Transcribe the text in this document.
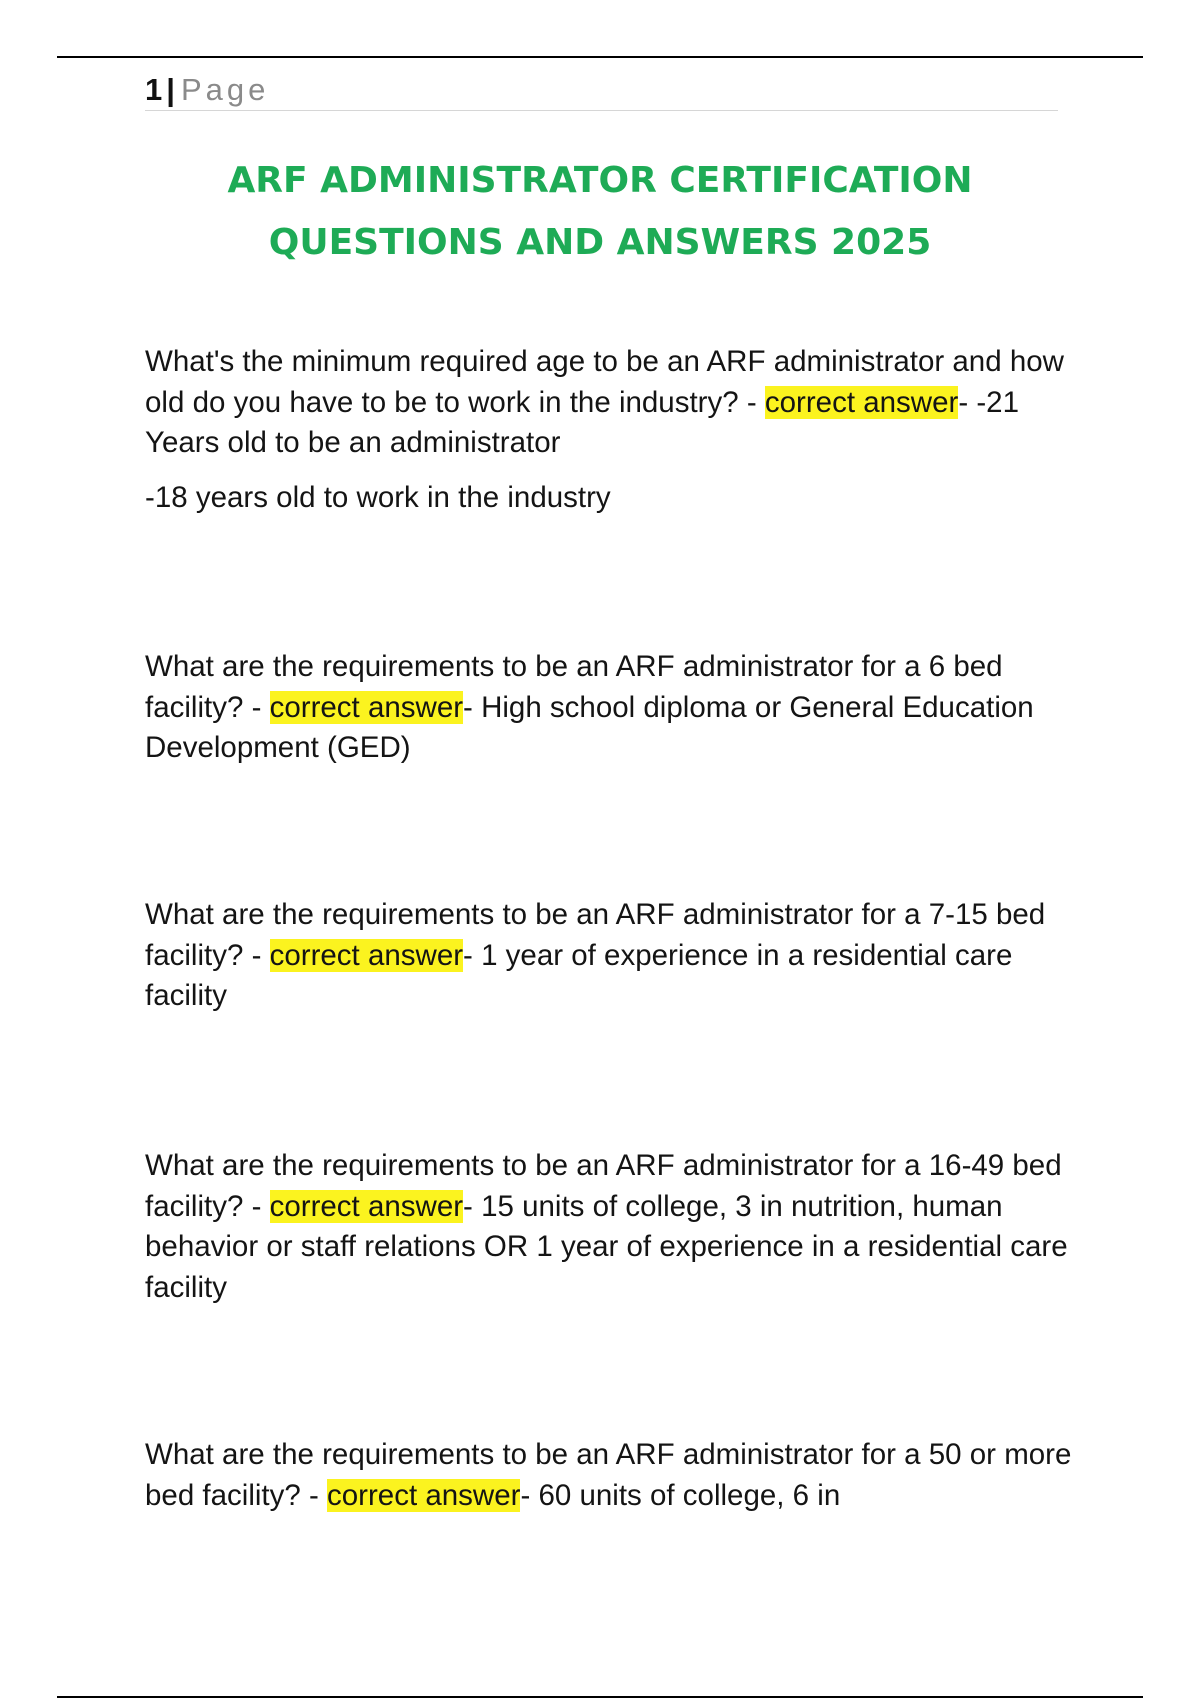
1 | Page
ARF ADMINISTRATOR CERTIFICATION
QUESTIONS AND ANSWERS 2025

What's the minimum required age to be an ARF administrator and how old do you have to be to work in the industry? - correct answer- -21 Years old to be an administrator

-18 years old to work in the industry

What are the requirements to be an ARF administrator for a 6 bed facility? - correct answer- High school diploma or General Education Development (GED)

What are the requirements to be an ARF administrator for a 7-15 bed facility? - correct answer- 1 year of experience in a residential care facility

What are the requirements to be an ARF administrator for a 16-49 bed facility? - correct answer- 15 units of college, 3 in nutrition, human behavior or staff relations OR 1 year of experience in a residential care facility

What are the requirements to be an ARF administrator for a 50 or more bed facility? - correct answer- 60 units of college, 6 in
